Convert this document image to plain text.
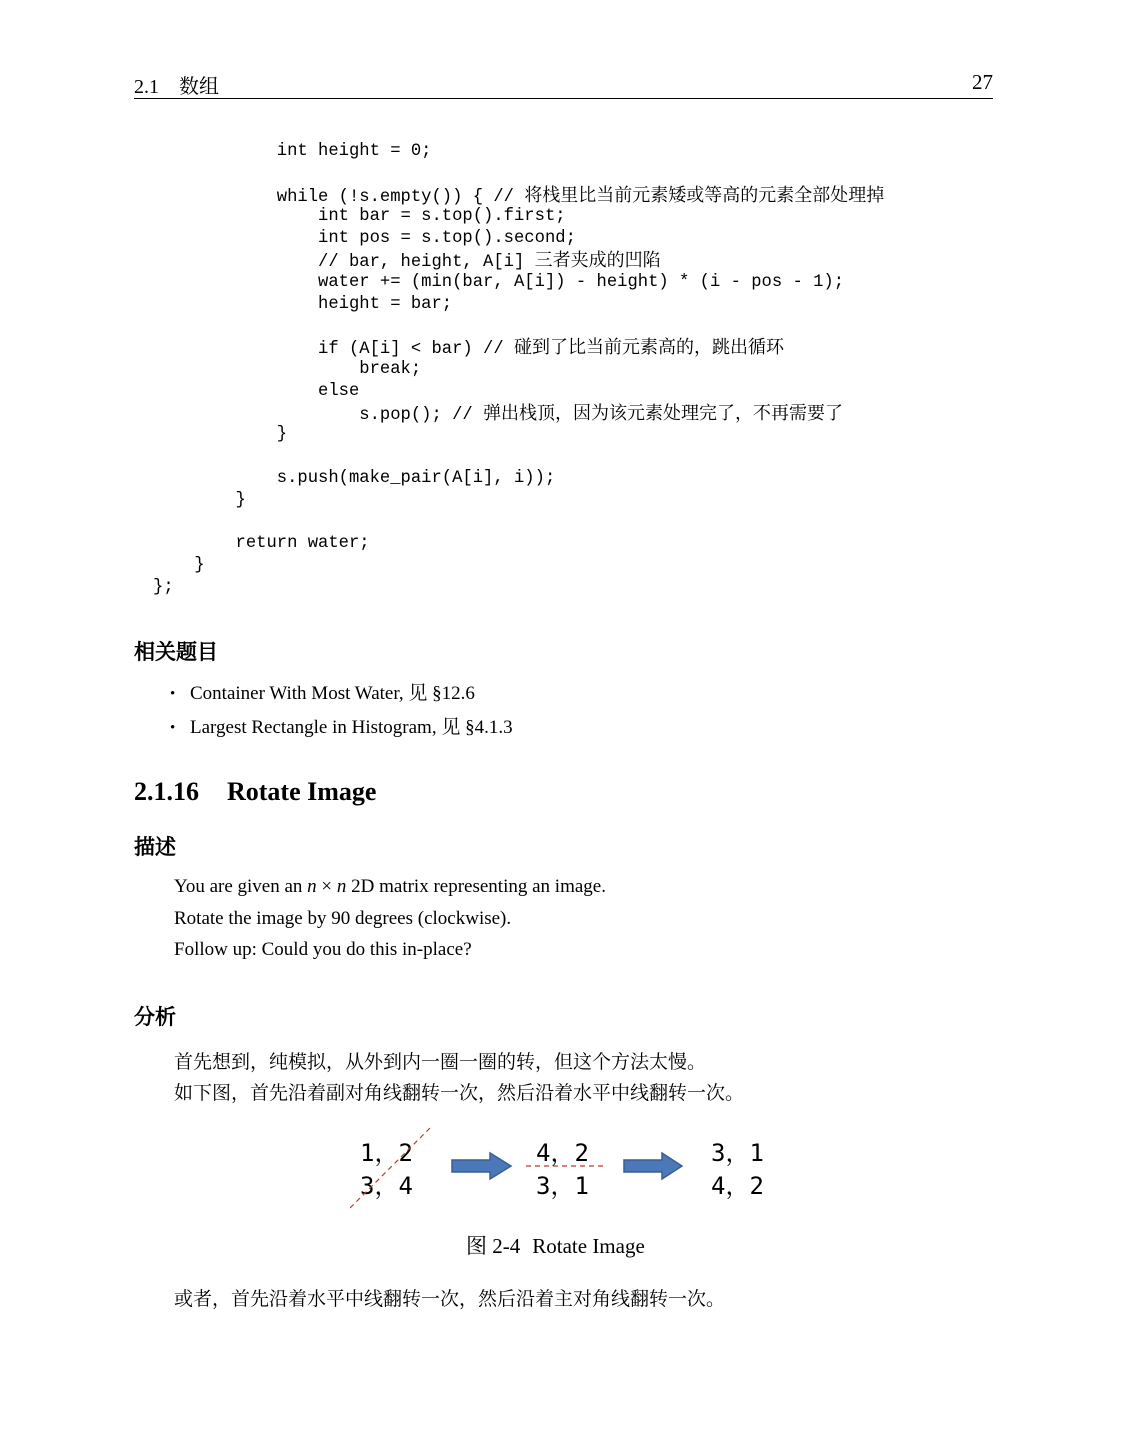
2.1 数组	27
int height = 0;
while (!s.empty()) { // 将栈里比当前元素矮或等高的元素全部处理掉
int bar = s.top().first;
int pos = s.top().second;
// bar, height, A[i] 三者夹成的凹陷
water += (min(bar, A[i]) - height) * (i - pos - 1);
height = bar;
if (A[i] < bar) // 碰到了比当前元素高的，跳出循环
break;
else
s.pop(); // 弹出栈顶，因为该元素处理完了，不再需要了
}
s.push(make_pair(A[i], i));
}
return water;
}
};
相关题目
• Container With Most Water, 见 §12.6
• Largest Rectangle in Histogram, 见 §4.1.3
2.1.16 Rotate Image
描述
You are given an n × n 2D matrix representing an image.
Rotate the image by 90 degrees (clockwise).
Follow up: Could you do this in-place?
分析
首先想到，纯模拟，从外到内一圈一圈的转，但这个方法太慢。
如下图，首先沿着副对角线翻转一次，然后沿着水平中线翻转一次。
1，2
3，4
4，2
3，1
3，1
4，2
图 2-4 Rotate Image
或者，首先沿着水平中线翻转一次，然后沿着主对角线翻转一次。
